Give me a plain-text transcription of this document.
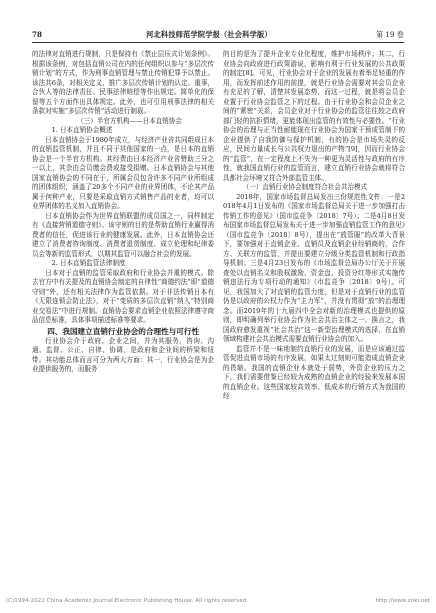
78	河北科技师范学院学报（社会科学版）	第 19 卷

的法律对直销进行规制，只是保持有《禁止层压式计划条例》。根据该条例，对包括直销公司在内的任何组织以参与“多层次传销计划”的方式，作为刑事直销管理与禁止传销犯罪予以禁止。该法共6条，对相关定义、推广多层次传销计划的认定、重事，合伙人等的法律责任、民事法律赔偿等作出规定。简单化的保留等五个方面作出具体规定。此外，也可引用刑事法律的相关条款对实施“多层次传销”活动进行制裁。

（三）半官方机构——日本直销协会

1. 日本直销协会概述

日本直销协会于1980年成立，与经济产业省共同组成日本的直销监管机制，并且不同于其他国家的一点，是日本的直销协会是一个半官方机构。其经费由日本经济产业省赞助三分之一以上，其余由会员缴会费或接受捐赠。日本直销协会与其他国家直销协会的不同在于，所属会员包含许多不同产业所组成的团体组织，涵盖了20多个不同产业的业界团体，不论其产品属于何种产业，只要是采取直销方式销售产品的业者，均可以业界团体的名义加入直销协会。

日本直销协会作为世界直销联盟的成员国之一，同样制定有《直接营销道德守则》。该守则的目的是帮助直销行业赢得消费者的信任，促进该行业的健康发展。此外，日本直销协会还建立了消费者咨询制度、消费者退货制度、成立伦理和纪律委员会等新的监管形式，以期其监管可以融合社会的发展。

2. 日本直销监管法律制度

日本对于直销的监管采取政府和行业协会并重的模式。除去官方中有关提及的直销协会制定的自律性“商德约法”即“道德守则”外，还有相关法律作为监管依据。对于非法传销日本有《无限连锁会防止法》，对于“变质的多层次直销”纳入“特别商业交易法”中进行规制。直销协会要求直销企业依照法律遵守商品信息标准，具体事项描述标准等要求。

四、我国建立直销行业协会的合理性与可行性

行业协会介于政府、企业之间，并为其服务、咨询、沟通、监督、公正、自律、协调，是政府和企业间的桥梁和纽带。其功能总体而言可分为两大方面：其一，行业协会是为企业提供服务的，而服务

的目的是为了提升企业专业化程度，维护市场秩序；其二，行业协会向政府进行政策游说，影响有利于行业发展的公共政策的制定[8]。可见，行业协会对于企业的发展有着举足轻重的作用，而发挥前述作用的前提，就是行业协会需要对其会员企业有充足的了解，清楚其发展态势，而这一过程，就是将会员企业置于行业协会监管之下的过程。由于行业协会和会员企业之间的“紧密”关系，会员企业对于行业协会的监管往往较之政府部门轻的抗拒情绪，更能体现出监管的有效性与必要性。“行业协会的治理与正当性耐能现在行业协会为国家干预或管制下的企业提供了自我防御与保护机制，有的协会是市场失灵的反应，民间力量成长与公共权力退出的产物”[9]，因而行业协会的“监管”，在一定程度上不失为一种更为灵活性与政府的有序性，就我国直销行业的监管而言，建立直销行业协会就将符合具都社会环境又符合外部监管主体。

（一）直销行业协会制度符合社会共治模式

2018年，国家市场监督总局发出三份规范性文件：一是2018年4月1日发布的《国家市场监督总局关于进一步加强打击传销工作的意见》（国市监竞争〔2018〕7号）；二是4月8日发布国家市场监督总局发布关于进一步加强直销监管工作的意见》（国市监竞争〔2018〕8号），提出在“放管服”的改革大背景下，要加强对于直销企业、直销员及直销企业经销商的，合作方、关联方的监管，并提出要建立分级分类监管机制和行政指导机制；三是4月23日发布的《市场监督总局办公厅关于开展查处以直销名义和股权激励、资金盘、投资分红等形式实施传销违法行为专项行动的通知》（市监竞争〔2018〕9号）。可见，我国加大了对直销的监管力度，但是对于直销行业的监管仍是以政府的公权力作为“主力军”，并没有贯彻“放”的治理理念。而2019年的十九届四中全会对新的治理模式也提供的原则，即明确列举行业协会作为社会共治主体之一。换言之，我国政府愈发重视“社会共治”这一新型治理模式的选择，在直销领域构建社会共治模式需要直销行业协会的加入。

监管并不是一味地制约直销行业的发展，而是应该通过监管促进直销市场的有序发展，如果太过刻则可能造成直销企业的畏缩。我国的直销企业本就处于弱势，外资企业的压力之下，我们需要借鉴已经较为成熟的直销企业的经验来发展本国的直销企业。这些国家较高效率、低成本的行销方式为我国的经

(C)1994-2022 China Academic Journal Electronic Publishing House. All rights reserved.	http://www.cnki.net
